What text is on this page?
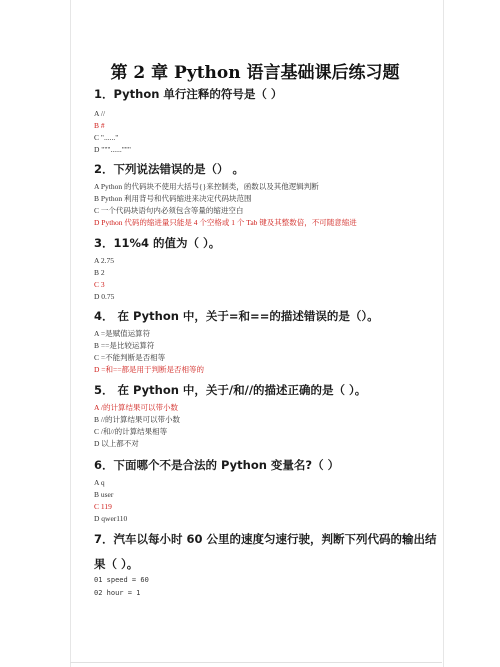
第 2 章 Python 语言基础课后练习题
1．Python 单行注释的符号是（ ）
A //
B #
C "......"
D """......"""
2．下列说法错误的是（） 。
A Python 的代码块不使用大括号{}来控制类，函数以及其他逻辑判断
B Python 利用背号和代码缩进来决定代码块范围
C 一个代码块语句内必须包含等量的缩进空白
D Python 代码的缩进量只能是 4 个空格或 1 个 Tab 键及其整数倍，不可随意缩进
3．11%4 的值为（ ）。
A 2.75
B 2
C 3
D 0.75
4． 在 Python 中，关于=和==的描述错误的是（）。
A =是赋值运算符
B ==是比较运算符
C =不能判断是否相等
D =和==都是用于判断是否相等的
5． 在 Python 中，关于/和//的描述正确的是（ ）。
A /的计算结果可以带小数
B //的计算结果可以带小数
C /和//的计算结果相等
D 以上都不对
6．下面哪个不是合法的 Python 变量名?（ ）
A q
B user
C 119
D qwer110
7．汽车以每小时 60 公里的速度匀速行驶，判断下列代码的输出结
果（ ）。
01 speed = 60
02 hour = 1
